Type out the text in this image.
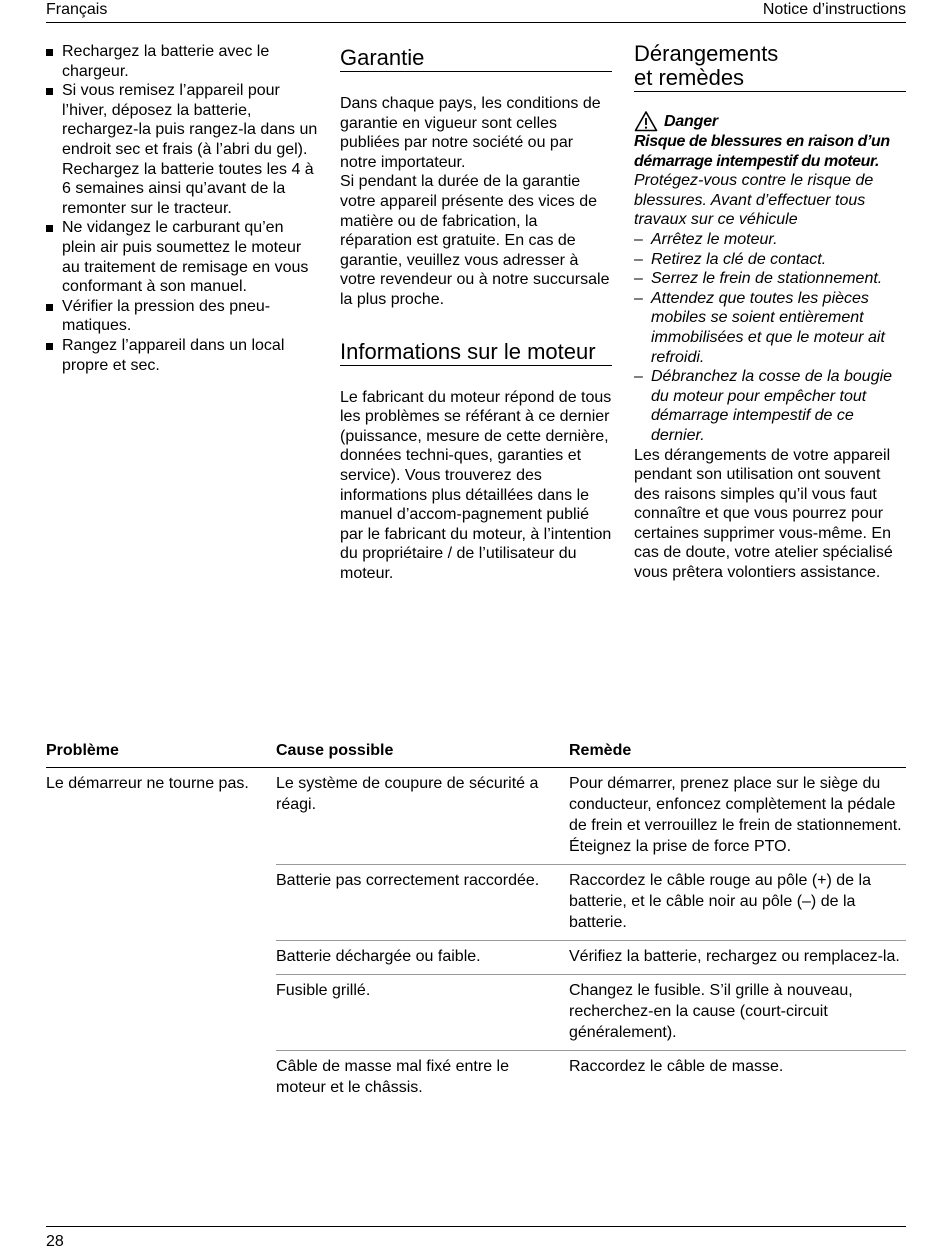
Français	Notice d’instructions
Rechargez la batterie avec le chargeur.
Si vous remisez l’appareil pour l’hiver, déposez la batterie, rechargez-la puis rangez-la dans un endroit sec et frais (à l’abri du gel). Rechargez la batterie toutes les 4 à 6 semaines ainsi qu’avant de la remonter sur le tracteur.
Ne vidangez le carburant qu’en plein air puis soumettez le moteur au traitement de remisage en vous conformant à son manuel.
Vérifier la pression des pneu-matiques.
Rangez l’appareil dans un local propre et sec.
Garantie

Dans chaque pays, les conditions de garantie en vigueur sont celles publiées par notre société ou par notre importateur.

Si pendant la durée de la garantie votre appareil présente des vices de matière ou de fabrication, la réparation est gratuite. En cas de garantie, veuillez vous adresser à votre revendeur ou à notre succursale la plus proche.

Informations sur le moteur

Le fabricant du moteur répond de tous les problèmes se référant à ce dernier (puissance, mesure de cette dernière, données techni-ques, garanties et service). Vous trouverez des informations plus détaillées dans le manuel d’accom-pagnement publié par le fabricant du moteur, à l’intention du propriétaire / de l’utilisateur du moteur.

Dérangements
et remèdes
Danger

Risque de blessures en raison d’un démarrage intempestif du moteur.

Protégez-vous contre le risque de blessures. Avant d’effectuer tous travaux sur ce véhicule

– Arrêtez le moteur.
– Retirez la clé de contact.
– Serrez le frein de stationnement.
– Attendez que toutes les pièces mobiles se soient entièrement immobilisées et que le moteur ait refroidi.
– Débranchez la cosse de la bougie du moteur pour empêcher tout démarrage intempestif de ce dernier.

Les dérangements de votre appareil pendant son utilisation ont souvent des raisons simples qu’il vous faut connaître et que vous pourrez pour certaines supprimer vous-même. En cas de doute, votre atelier spécialisé vous prêtera volontiers assistance.

Problème	Cause possible	Remède
Le démarreur ne tourne pas.	Le système de coupure de sécurité a réagi.	Pour démarrer, prenez place sur le siège du conducteur, enfoncez complètement la pédale de frein et verrouillez le frein de stationnement.
Éteignez la prise de force PTO.

	Batterie pas correctement raccordée.	Raccordez le câble rouge au pôle (+) de la batterie, et le câble noir au pôle (–) de la batterie.

	Batterie déchargée ou faible.	Vérifiez la batterie, rechargez ou remplacez-la.

	Fusible grillé.	Changez le fusible. S’il grille à nouveau, recherchez-en la cause (court-circuit généralement).

	Câble de masse mal fixé entre le moteur et le châssis.	Raccordez le câble de masse.
28
